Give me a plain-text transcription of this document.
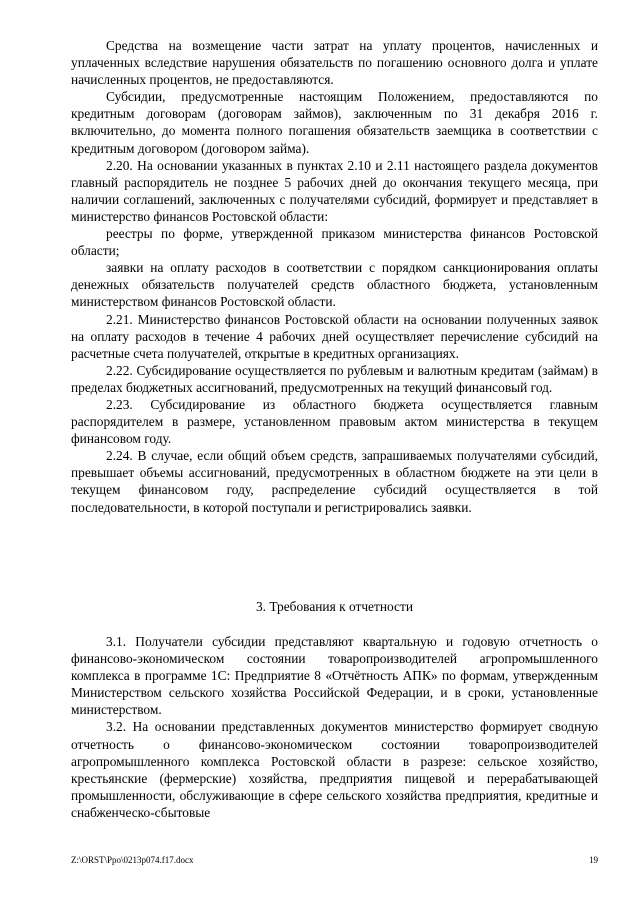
Средства на возмещение части затрат на уплату процентов, начисленных и уплаченных вследствие нарушения обязательств по погашению основного долга и уплате начисленных процентов, не предоставляются.

Субсидии, предусмотренные настоящим Положением, предоставляются по кредитным договорам (договорам займов), заключенным по 31 декабря 2016 г. включительно, до момента полного погашения обязательств заемщика в соответствии с кредитным договором (договором займа).

2.20. На основании указанных в пунктах 2.10 и 2.11 настоящего раздела документов главный распорядитель не позднее 5 рабочих дней до окончания текущего месяца, при наличии соглашений, заключенных с получателями субсидий, формирует и представляет в министерство финансов Ростовской области:

реестры по форме, утвержденной приказом министерства финансов Ростовской области;

заявки на оплату расходов в соответствии с порядком санкционирования оплаты денежных обязательств получателей средств областного бюджета, установленным министерством финансов Ростовской области.

2.21. Министерство финансов Ростовской области на основании полученных заявок на оплату расходов в течение 4 рабочих дней осуществляет перечисление субсидий на расчетные счета получателей, открытые в кредитных организациях.

2.22. Субсидирование осуществляется по рублевым и валютным кредитам (займам) в пределах бюджетных ассигнований, предусмотренных на текущий финансовый год.

2.23. Субсидирование из областного бюджета осуществляется главным распорядителем в размере, установленном правовым актом министерства в текущем финансовом году.

2.24. В случае, если общий объем средств, запрашиваемых получателями субсидий, превышает объемы ассигнований, предусмотренных в областном бюджете на эти цели в текущем финансовом году, распределение субсидий осуществляется в той последовательности, в которой поступали и регистрировались заявки.

3. Требования к отчетности

3.1. Получатели субсидии представляют квартальную и годовую отчетность о финансово-экономическом состоянии товаропроизводителей агропромышленного комплекса в программе 1С: Предприятие 8 «Отчётность АПК» по формам, утвержденным Министерством сельского хозяйства Российской Федерации, и в сроки, установленные министерством.

3.2. На основании представленных документов министерство формирует сводную отчетность о финансово-экономическом состоянии товаропроизводителей агропромышленного комплекса Ростовской области в разрезе: сельское хозяйство, крестьянские (фермерские) хозяйства, предприятия пищевой и перерабатывающей промышленности, обслуживающие в сфере сельского хозяйства предприятия, кредитные и снабженческо-сбытовые

Z:\ORST\Ppo\0213p074.f17.docx	19
